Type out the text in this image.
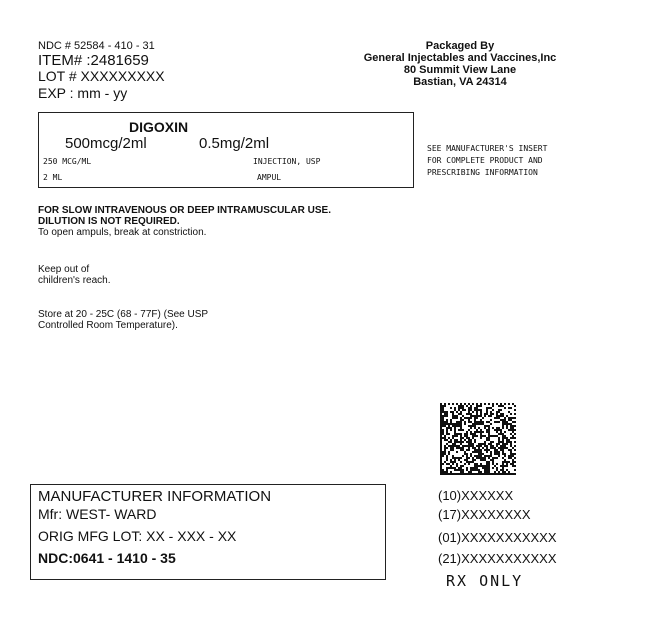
NDC # 52584 - 410 - 31
ITEM# :2481659
LOT # XXXXXXXXX
EXP : mm - yy
Packaged By
General Injectables and Vaccines,Inc
80 Summit View Lane
Bastian, VA 24314
DIGOXIN
500mcg/2ml	0.5mg/2ml
250 MCG/ML	INJECTION, USP
2 ML	AMPUL
SEE MANUFACTURER'S INSERT
FOR COMPLETE PRODUCT AND
PRESCRIBING INFORMATION
FOR SLOW INTRAVENOUS OR DEEP INTRAMUSCULAR USE.
DILUTION IS NOT REQUIRED.
To open ampuls, break at constriction.
Keep out of
children's reach.
Store at 20 - 25C (68 - 77F) (See USP
Controlled Room Temperature).
MANUFACTURER INFORMATION
Mfr: WEST- WARD
ORIG MFG LOT: XX - XXX - XX
NDC:0641 - 1410 - 35
(10)XXXXXX
(17)XXXXXXXX
(01)XXXXXXXXXXX
(21)XXXXXXXXXXX
RX ONLY
